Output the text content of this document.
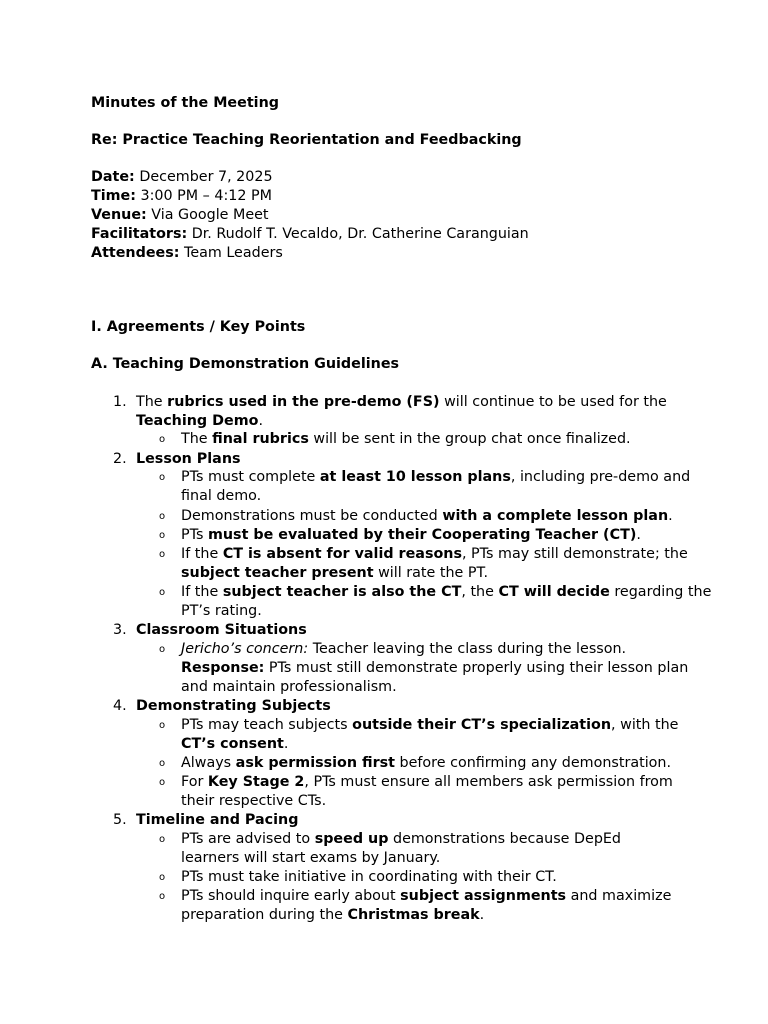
Minutes of the Meeting
Re: Practice Teaching Reorientation and Feedbacking
Date: December 7, 2025
Time: 3:00 PM – 4:12 PM
Venue: Via Google Meet
Facilitators: Dr. Rudolf T. Vecaldo, Dr. Catherine Caranguian
Attendees: Team Leaders
I. Agreements / Key Points
A. Teaching Demonstration Guidelines
1. The rubrics used in the pre-demo (FS) will continue to be used for the
Teaching Demo.
o The final rubrics will be sent in the group chat once finalized.
2. Lesson Plans
o PTs must complete at least 10 lesson plans, including pre-demo and
final demo.
o Demonstrations must be conducted with a complete lesson plan.
o PTs must be evaluated by their Cooperating Teacher (CT).
o If the CT is absent for valid reasons, PTs may still demonstrate; the
subject teacher present will rate the PT.
o If the subject teacher is also the CT, the CT will decide regarding the
PT’s rating.
3. Classroom Situations
o Jericho’s concern: Teacher leaving the class during the lesson.
Response: PTs must still demonstrate properly using their lesson plan
and maintain professionalism.
4. Demonstrating Subjects
o PTs may teach subjects outside their CT’s specialization, with the
CT’s consent.
o Always ask permission first before confirming any demonstration.
o For Key Stage 2, PTs must ensure all members ask permission from
their respective CTs.
5. Timeline and Pacing
o PTs are advised to speed up demonstrations because DepEd
learners will start exams by January.
o PTs must take initiative in coordinating with their CT.
o PTs should inquire early about subject assignments and maximize
preparation during the Christmas break.
